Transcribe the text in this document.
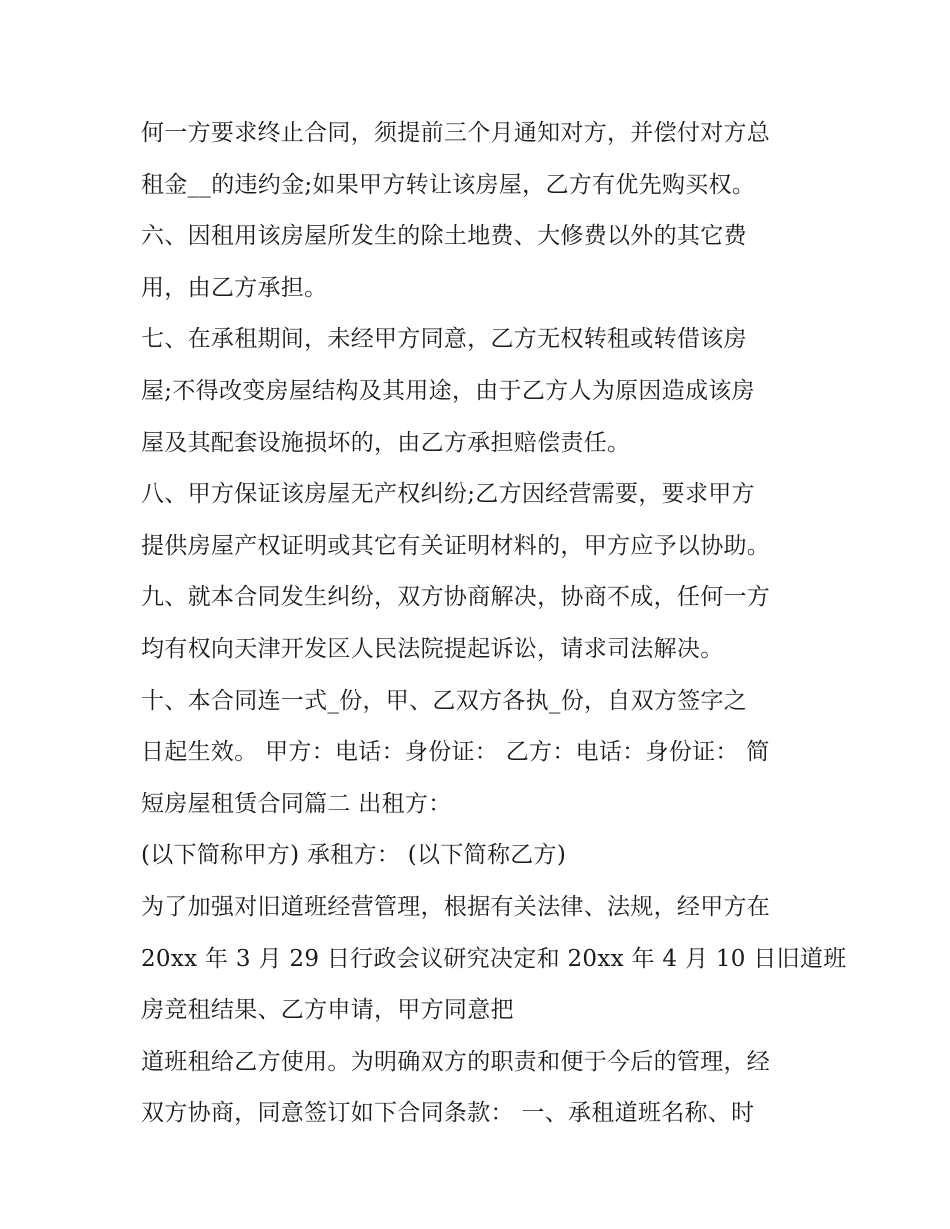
何一方要求终止合同，须提前三个月通知对方，并偿付对方总
租金__的违约金;如果甲方转让该房屋，乙方有优先购买权。
六、因租用该房屋所发生的除土地费、大修费以外的其它费
用，由乙方承担。
七、在承租期间，未经甲方同意，乙方无权转租或转借该房
屋;不得改变房屋结构及其用途，由于乙方人为原因造成该房
屋及其配套设施损坏的，由乙方承担赔偿责任。
八、甲方保证该房屋无产权纠纷;乙方因经营需要，要求甲方
提供房屋产权证明或其它有关证明材料的，甲方应予以协助。
九、就本合同发生纠纷，双方协商解决，协商不成，任何一方
均有权向天津开发区人民法院提起诉讼，请求司法解决。
十、本合同连一式_份，甲、乙双方各执_份，自双方签字之
日起生效。 甲方：电话：身份证： 乙方：电话：身份证： 简
短房屋租赁合同篇二 出租方：
(以下简称甲方) 承租方： (以下简称乙方)
为了加强对旧道班经营管理，根据有关法律、法规，经甲方在
20xx 年 3 月 29 日行政会议研究决定和 20xx 年 4 月 10 日旧道班
房竞租结果、乙方申请，甲方同意把
道班租给乙方使用。为明确双方的职责和便于今后的管理，经
双方协商，同意签订如下合同条款： 一、承租道班名称、时
